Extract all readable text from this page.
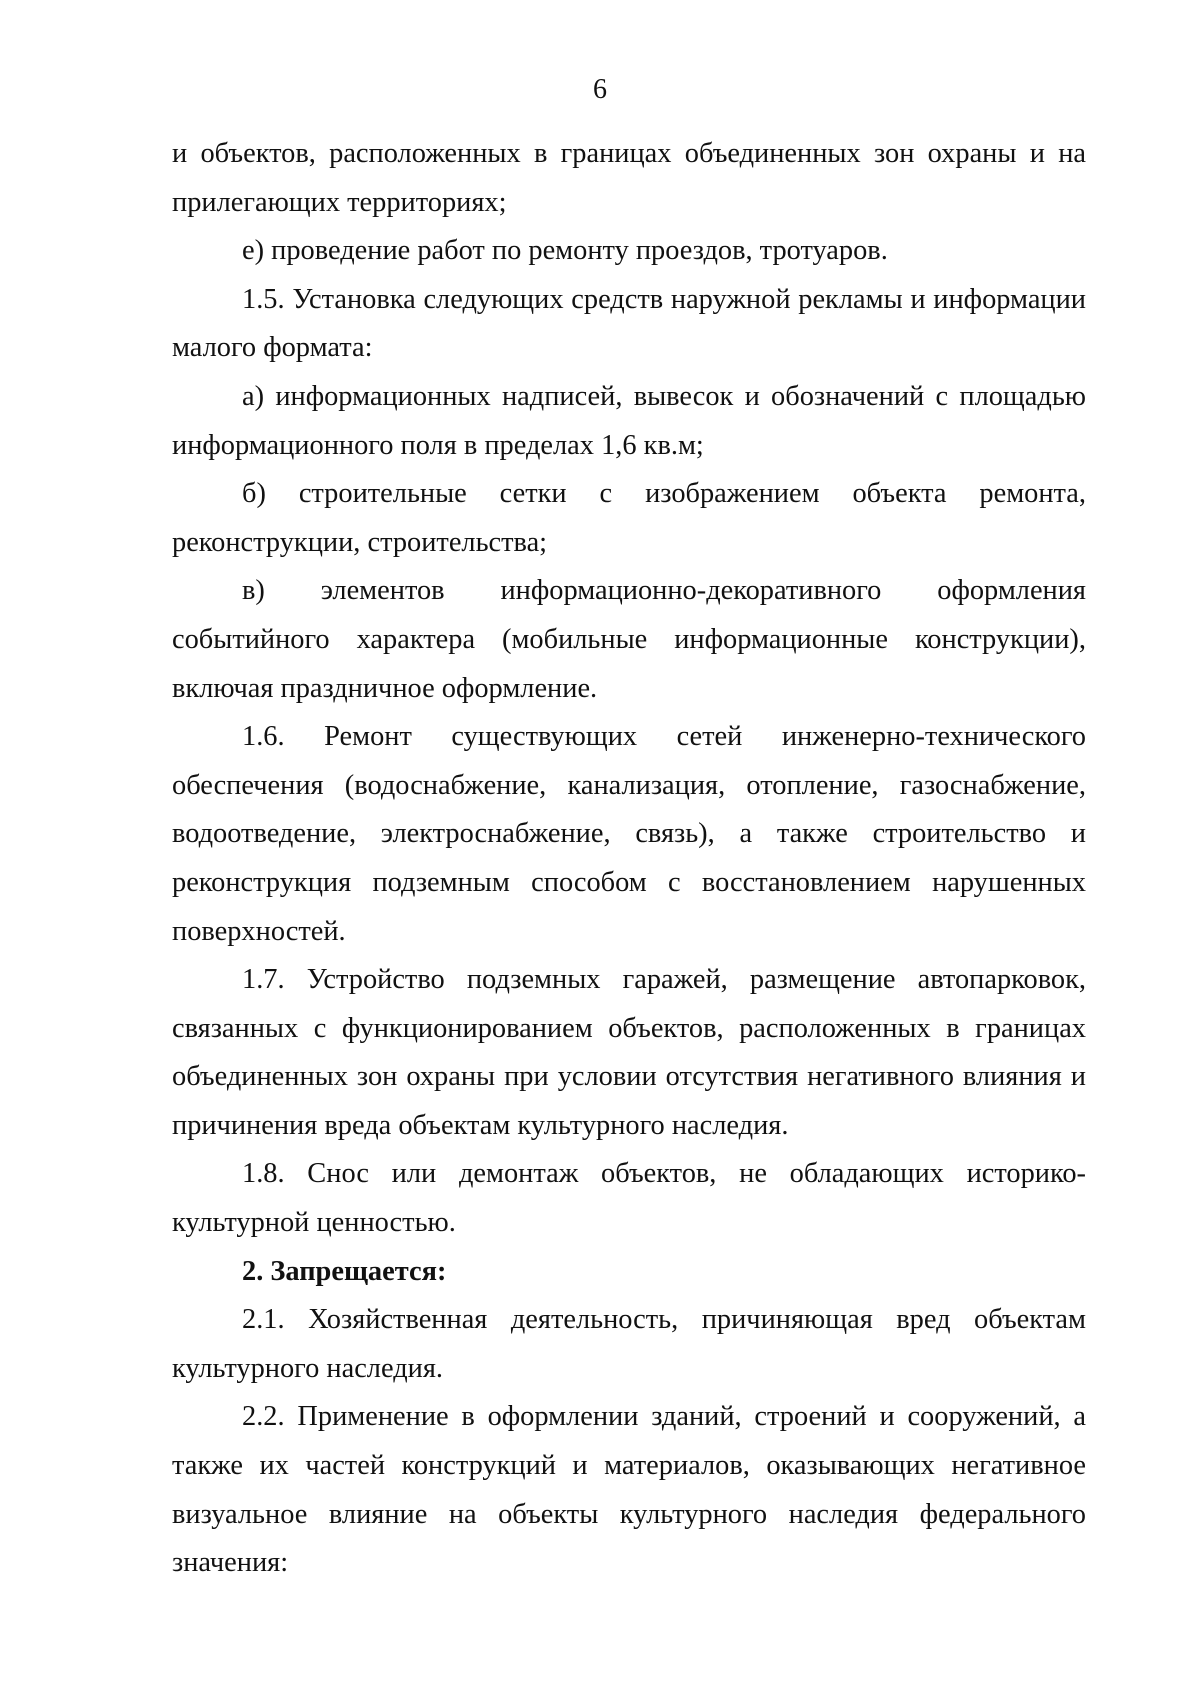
6

и объектов, расположенных в границах объединенных зон охраны и на прилегающих территориях;

е) проведение работ по ремонту проездов, тротуаров.

1.5. Установка следующих средств наружной рекламы и информации малого формата:

а) информационных надписей, вывесок и обозначений с площадью информационного поля в пределах 1,6 кв.м;

б) строительные сетки с изображением объекта ремонта, реконструкции, строительства;

в) элементов информационно-декоративного оформления событийного характера (мобильные информационные конструкции), включая праздничное оформление.

1.6. Ремонт существующих сетей инженерно-технического обеспечения (водоснабжение, канализация, отопление, газоснабжение, водоотведение, электроснабжение, связь), а также строительство и реконструкция подземным способом с восстановлением нарушенных поверхностей.

1.7. Устройство подземных гаражей, размещение автопарковок, связанных с функционированием объектов, расположенных в границах объединенных зон охраны при условии отсутствия негативного влияния и причинения вреда объектам культурного наследия.

1.8. Снос или демонтаж объектов, не обладающих историко-культурной ценностью.

2. Запрещается:

2.1. Хозяйственная деятельность, причиняющая вред объектам культурного наследия.

2.2. Применение в оформлении зданий, строений и сооружений, а также их частей конструкций и материалов, оказывающих негативное визуальное влияние на объекты культурного наследия федерального значения:
